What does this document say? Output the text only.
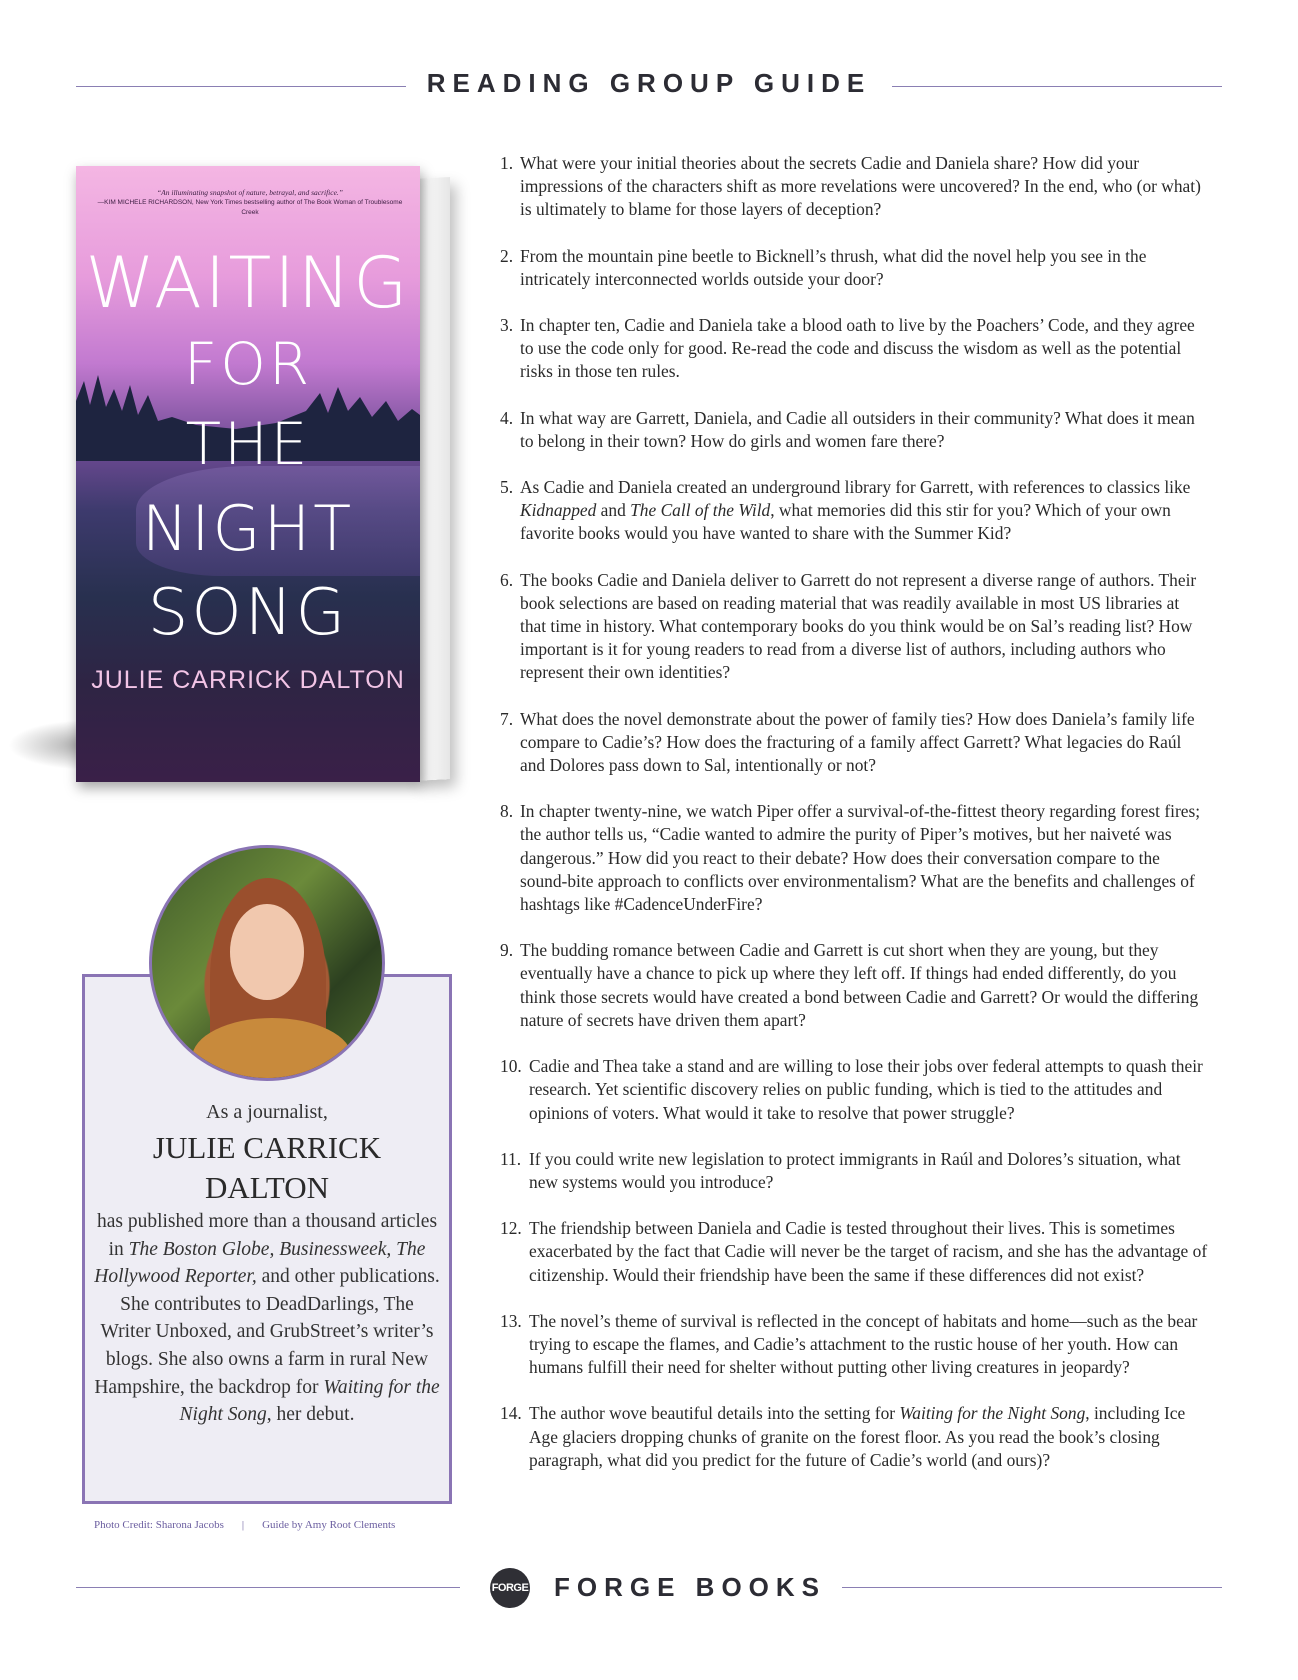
READING GROUP GUIDE
“An illuminating snapshot of nature, betrayal, and sacrifice.”
—KIM MICHELE RICHARDSON, New York Times bestselling author of The Book Woman of Troublesome Creek
WAITING
FOR
THE
NIGHT
SONG
JULIE CARRICK DALTON
As a journalist,
JULIE CARRICK DALTON
has published more than a thousand articles in The Boston Globe, Businessweek, The Hollywood Reporter, and other publications. She contributes to DeadDarlings, The Writer Unboxed, and GrubStreet’s writer’s blogs. She also owns a farm in rural New Hampshire, the backdrop for Waiting for the Night Song, her debut.
Photo Credit: Sharona Jacobs | Guide by Amy Root Clements
1. What were your initial theories about the secrets Cadie and Daniela share? How did your impressions of the characters shift as more revelations were uncovered? In the end, who (or what) is ultimately to blame for those layers of deception?
2. From the mountain pine beetle to Bicknell’s thrush, what did the novel help you see in the intricately interconnected worlds outside your door?
3. In chapter ten, Cadie and Daniela take a blood oath to live by the Poachers’ Code, and they agree to use the code only for good. Re-read the code and discuss the wisdom as well as the potential risks in those ten rules.
4. In what way are Garrett, Daniela, and Cadie all outsiders in their community? What does it mean to belong in their town? How do girls and women fare there?
5. As Cadie and Daniela created an underground library for Garrett, with references to classics like Kidnapped and The Call of the Wild, what memories did this stir for you? Which of your own favorite books would you have wanted to share with the Summer Kid?
6. The books Cadie and Daniela deliver to Garrett do not represent a diverse range of authors. Their book selections are based on reading material that was readily available in most US libraries at that time in history. What contemporary books do you think would be on Sal’s reading list? How important is it for young readers to read from a diverse list of authors, including authors who represent their own identities?
7. What does the novel demonstrate about the power of family ties? How does Daniela’s family life compare to Cadie’s? How does the fracturing of a family affect Garrett? What legacies do Raúl and Dolores pass down to Sal, intentionally or not?
8. In chapter twenty-nine, we watch Piper offer a survival-of-the-fittest theory regarding forest fires; the author tells us, “Cadie wanted to admire the purity of Piper’s motives, but her naiveté was dangerous.” How did you react to their debate? How does their conversation compare to the sound-bite approach to conflicts over environmentalism? What are the benefits and challenges of hashtags like #CadenceUnderFire?
9. The budding romance between Cadie and Garrett is cut short when they are young, but they eventually have a chance to pick up where they left off. If things had ended differently, do you think those secrets would have created a bond between Cadie and Garrett? Or would the differing nature of secrets have driven them apart?
10. Cadie and Thea take a stand and are willing to lose their jobs over federal attempts to quash their research. Yet scientific discovery relies on public funding, which is tied to the attitudes and opinions of voters. What would it take to resolve that power struggle?
11. If you could write new legislation to protect immigrants in Raúl and Dolores’s situation, what new systems would you introduce?
12. The friendship between Daniela and Cadie is tested throughout their lives. This is sometimes exacerbated by the fact that Cadie will never be the target of racism, and she has the advantage of citizenship. Would their friendship have been the same if these differences did not exist?
13. The novel’s theme of survival is reflected in the concept of habitats and home—such as the bear trying to escape the flames, and Cadie’s attachment to the rustic house of her youth. How can humans fulfill their need for shelter without putting other living creatures in jeopardy?
14. The author wove beautiful details into the setting for Waiting for the Night Song, including Ice Age glaciers dropping chunks of granite on the forest floor. As you read the book’s closing paragraph, what did you predict for the future of Cadie’s world (and ours)?
FORGE FORGE BOOKS
